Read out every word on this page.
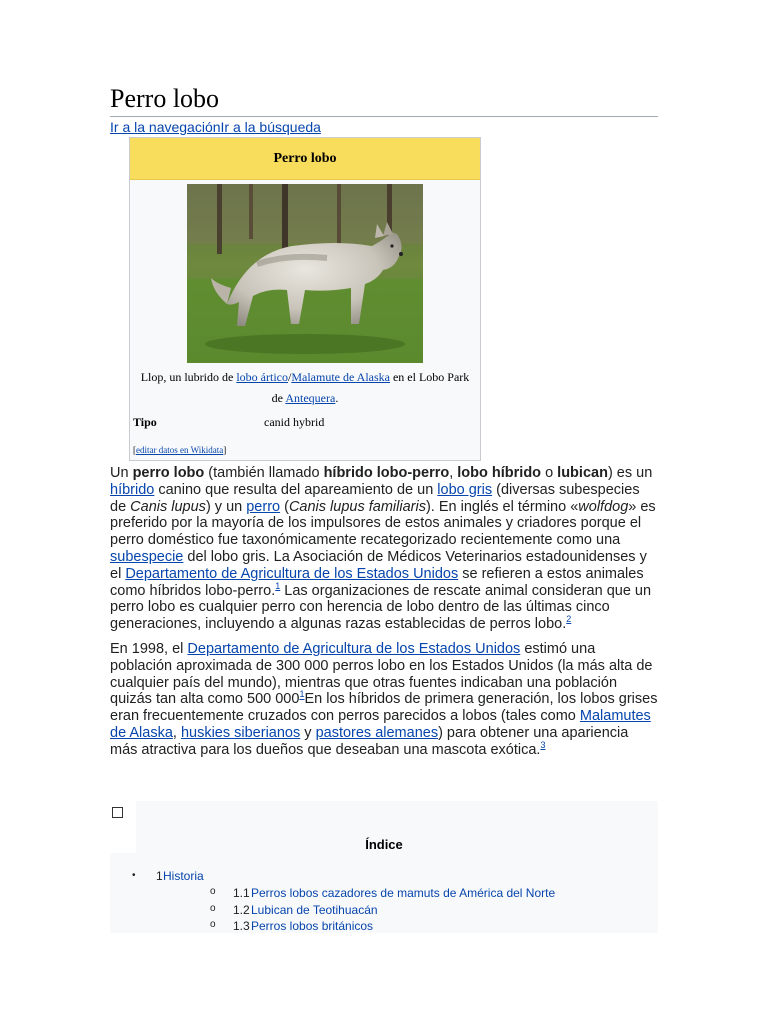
Perro lobo
Ir a la navegaciónIr a la búsqueda
Perro lobo
Llop, un lubrido de lobo ártico/Malamute de Alaska en el Lobo Park de Antequera.
Tipo	canid hybrid
[editar datos en Wikidata]

Un perro lobo (también llamado híbrido lobo-perro, lobo híbrido o lubican) es un híbrido canino que resulta del apareamiento de un lobo gris (diversas subespecies de Canis lupus) y un perro (Canis lupus familiaris). En inglés el término «wolfdog» es preferido por la mayoría de los impulsores de estos animales y criadores porque el perro doméstico fue taxonómicamente recategorizado recientemente como una subespecie del lobo gris. La Asociación de Médicos Veterinarios estadounidenses y el Departamento de Agricultura de los Estados Unidos se refieren a estos animales como híbridos lobo-perro.$^1$ Las organizaciones de rescate animal consideran que un perro lobo es cualquier perro con herencia de lobo dentro de las últimas cinco generaciones, incluyendo a algunas razas establecidas de perros lobo.$^2$

En 1998, el Departamento de Agricultura de los Estados Unidos estimó una población aproximada de 300 000 perros lobo en los Estados Unidos (la más alta de cualquier país del mundo), mientras que otras fuentes indicaban una población quizás tan alta como 500 000$^1$En los híbridos de primera generación, los lobos grises eran frecuentemente cruzados con perros parecidos a lobos (tales como Malamutes de Alaska, huskies siberianos y pastores alemanes) para obtener una apariencia más atractiva para los dueños que deseaban una mascota exótica.$^3$

Índice
• 1 Historia
o 1.1 Perros lobos cazadores de mamuts de América del Norte
o 1.2 Lubican de Teotihuacán
o 1.3 Perros lobos británicos
